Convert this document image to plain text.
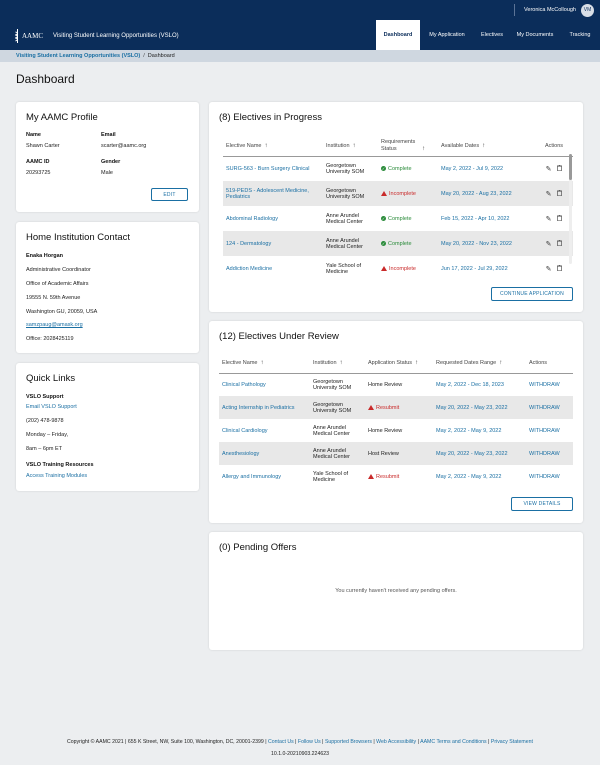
Veronica McCollough	VM
AAMC Visiting Student Learning Opportunities (VSLO)	Dashboard	My Application	Electives	My Documents	Tracking
Visiting Student Learning Opportunities (VSLO) / Dashboard
Dashboard
My AAMC Profile
Name
Shawn Carter
Email
scarter@aamc.org
AAMC ID
20293725
Gender
Male
EDIT
Home Institution Contact
Enaka Horgan
Administrative Coordinator
Office of Academic Affairs
19555 N. 59th Avenue
Washington GU, 20059, USA
samzpaug@amask.org
Office: 2028425119
Quick Links
VSLO Support
Email VSLO Support
(202) 478-9878
Monday – Friday,
8am – 6pm ET
VSLO Training Resources
Access Training Modules
(8) Electives in Progress
Elective Name ↑	Institution ↑	Requirements Status ↑	Available Dates ↑	Actions
SURG-563 - Burn Surgery Clinical	Georgetown University SOM	✓ Complete	May 2, 2022 - Jul 9, 2022	✎

519-PEDS - Adolescent Medicine, Pediatrics	Georgetown University SOM	Incomplete	May 20, 2022 - Aug 23, 2022	✎

Abdominal Radiology	Anne Arundel Medical Center	✓ Complete	Feb 15, 2022 - Apr 10, 2022	✎

124 - Dermatology	Anne Arundel Medical Center	✓ Complete	May 20, 2022 - Nov 23, 2022	✎

Addiction Medicine	Yale School of Medicine	Incomplete	Jun 17, 2022 - Jul 29, 2022	✎
CONTINUE APPLICATION
(12) Electives Under Review
Elective Name ↑	Institution ↑	Application Status ↑	Requested Dates Range ↑	Actions
Clinical Pathology	Georgetown University SOM	Home Review	May 2, 2022 - Dec 18, 2023	WITHDRAW
Acting Internship in Pediatrics	Georgetown University SOM	Resubmit	May 20, 2022 - May 23, 2022	WITHDRAW
Clinical Cardiology	Anne Arundel Medical Center	Home Review	May 2, 2022 - May 9, 2022	WITHDRAW
Anesthesiology	Anne Arundel Medical Center	Host Review	May 20, 2022 - May 23, 2022	WITHDRAW
Allergy and Immunology	Yale School of Medicine	Resubmit	May 2, 2022 - May 9, 2022	WITHDRAW
VIEW DETAILS
(0) Pending Offers
You currently haven't received any pending offers.
Copyright © AAMC 2021 | 655 K Street, NW, Suite 100, Washington, DC, 20001-2399 | Contact Us | Follow Us | Supported Browsers | Web Accessibility | AAMC Terms and Conditions | Privacy Statement
10.1.0-20210903.224623
